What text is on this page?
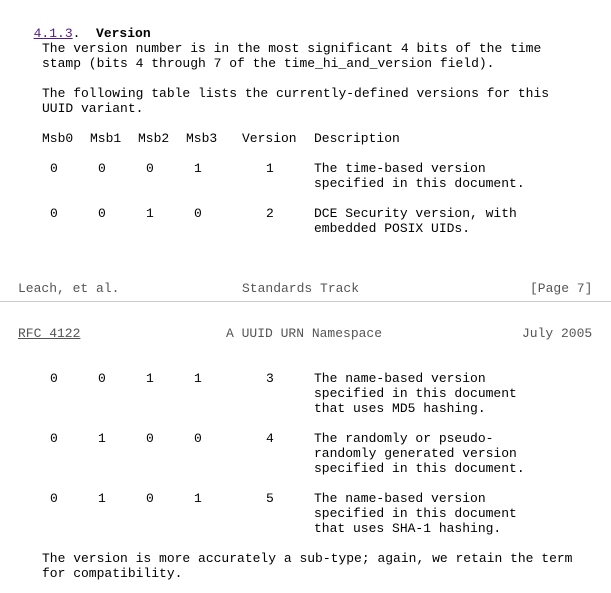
4.1.3.  Version

The version number is in the most significant 4 bits of the time
stamp (bits 4 through 7 of the time_hi_and_version field).
The following table lists the currently-defined versions for this
UUID variant.
Msb0 Msb1 Msb2 Msb3 Version Description
0	0	0	1	1	The time-based version
specified in this document.
0	0	1	0	2	DCE Security version, with
embedded POSIX UIDs.
Leach, et al.	Standards Track	[Page 7]
RFC 4122	A UUID URN Namespace	July 2005
0	0	1	1	3	The name-based version
specified in this document
that uses MD5 hashing.
0	1	0	0	4	The randomly or pseudo-
randomly generated version
specified in this document.
0	1	0	1	5	The name-based version
specified in this document
that uses SHA-1 hashing.
The version is more accurately a sub-type; again, we retain the term
for compatibility.
